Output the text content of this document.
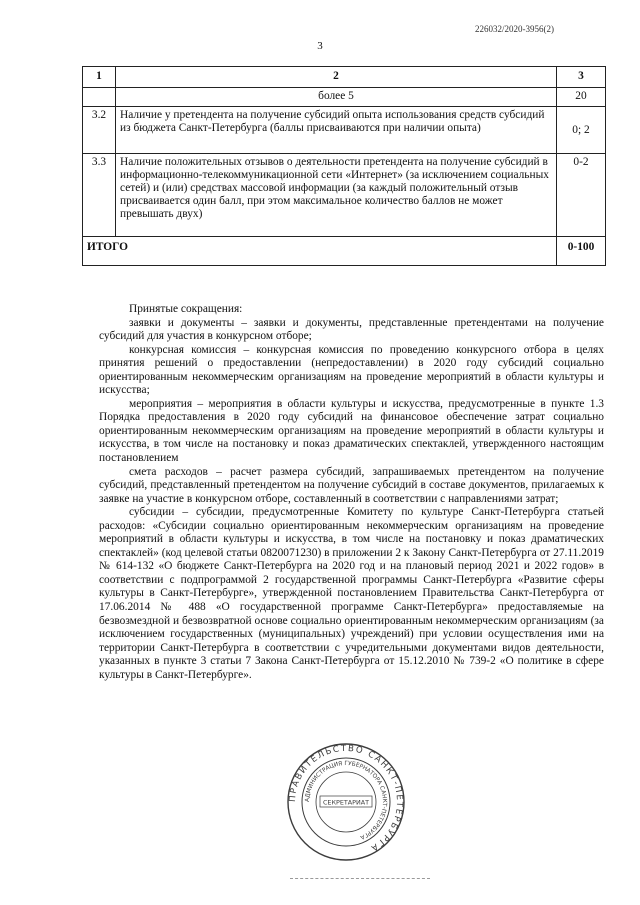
226032/2020-3956(2)
3
1	2	3
	более 5	20
3.2	Наличие у претендента на получение субсидий опыта использования средств субсидий из бюджета Санкт-Петербурга (баллы присваиваются при наличии опыта)	0; 2
3.3	Наличие положительных отзывов о деятельности претендента на получение субсидий в информационно-телекоммуникационной сети «Интернет» (за исключением социальных сетей) и (или) средствах массовой информации (за каждый положительный отзыв присваивается один балл, при этом максимальное количество баллов не может превышать двух)	0-2
ИТОГО		0-100

Принятые сокращения:

заявки и документы – заявки и документы, представленные претендентами на получение субсидий для участия в конкурсном отборе;

конкурсная комиссия – конкурсная комиссия по проведению конкурсного отбора в целях принятия решений о предоставлении (непредоставлении) в 2020 году субсидий социально ориентированным некоммерческим организациям на проведение мероприятий в области культуры и искусства;

мероприятия – мероприятия в области культуры и искусства, предусмотренные в пункте 1.3 Порядка предоставления в 2020 году субсидий на финансовое обеспечение затрат социально ориентированным некоммерческим организациям на проведение мероприятий в области культуры и искусства, в том числе на постановку и показ драматических спектаклей, утвержденного настоящим постановлением

смета расходов – расчет размера субсидий, запрашиваемых претендентом на получение субсидий, представленный претендентом на получение субсидий в составе документов, прилагаемых к заявке на участие в конкурсном отборе, составленный в соответствии с направлениями затрат;

субсидии – субсидии, предусмотренные Комитету по культуре Санкт-Петербурга статьей расходов: «Субсидии социально ориентированным некоммерческим организациям на проведение мероприятий в области культуры и искусства, в том числе на постановку и показ драматических спектаклей» (код целевой статьи 0820071230) в приложении 2 к Закону Санкт-Петербурга от 27.11.2019 № 614-132 «О бюджете Санкт-Петербурга на 2020 год и на плановый период 2021 и 2022 годов» в соответствии с подпрограммой 2 государственной программы Санкт-Петербурга «Развитие сферы культуры в Санкт-Петербурге», утвержденной постановлением Правительства Санкт-Петербурга от 17.06.2014 № 488 «О государственной программе Санкт-Петербурга» предоставляемые на безвозмездной и безвозвратной основе социально ориентированным некоммерческим организациям (за исключением государственных (муниципальных) учреждений) при условии осуществления ими на территории Санкт-Петербурга в соответствии с учредительными документами видов деятельности, указанных в пункте 3 статьи 7 Закона Санкт-Петербурга от 15.12.2010 № 739-2 «О политике в сфере культуры в Санкт-Петербурге».

ПРАВИТЕЛЬСТВО САНКТ-ПЕТЕРБУРГА
АДМИНИСТРАЦИЯ ГУБЕРНАТОРА САНКТ-ПЕТЕРБУРГА
СЕКРЕТАРИАТ
